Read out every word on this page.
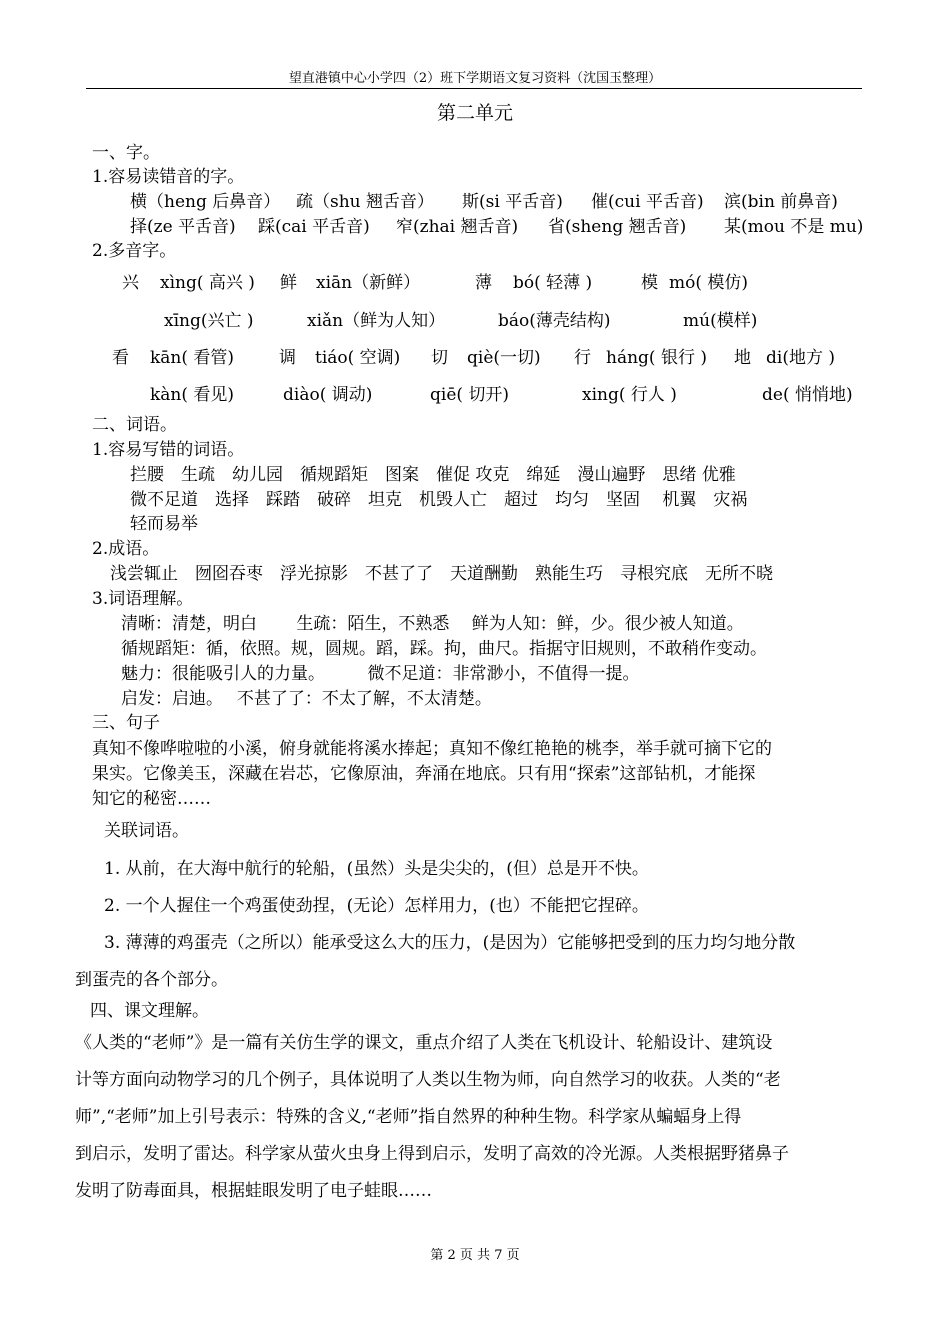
望直港镇中心小学四（2）班下学期语文复习资料（沈国玉整理）
第二单元
一、字。
1.容易读错音的字。
横（heng 后鼻音） 疏（shu 翘舌音） 斯(si 平舌音) 催(cui 平舌音) 滨(bin 前鼻音)
择(ze 平舌音) 踩(cai 平舌音) 窄(zhai 翘舌音) 省(sheng 翘舌音) 某(mou 不是 mu)
2.多音字。
兴 xìng( 高兴 ) 鲜 xiān（新鲜）	薄 bó( 轻薄 )	模 mó( 模仿)
xīng(兴亡 )	xiǎn（鲜为人知）	báo(薄壳结构)	mú(模样)
看 kān( 看管)	调 tiáo( 空调) 切 qiè(一切) 行 háng( 银行 ) 地 di(地方 )
kàn( 看见)	diào( 调动)	qiē( 切开)	xing( 行人 )	de( 悄悄地)
二、词语。
1.容易写错的词语。
拦腰　生疏　幼儿园　循规蹈矩　图案　催促 攻克　绵延　漫山遍野　思绪 优雅
微不足道　选择　踩踏　破碎　坦克　机毁人亡　超过　均匀　坚固　 机翼　灾祸
轻而易举
2.成语。
浅尝辄止　囫囵吞枣　浮光掠影　不甚了了　天道酬勤　熟能生巧　寻根究底　无所不晓
3.词语理解。
清晰：清楚，明白　　 生疏：陌生，不熟悉　 鲜为人知：鲜，少。很少被人知道。
循规蹈矩：循，依照。规，圆规。蹈，踩。拘，曲尺。指据守旧规则，不敢稍作变动。
魅力：很能吸引人的力量。　　　微不足道：非常渺小，不值得一提。
启发：启迪。　 不甚了了：不太了解，不太清楚。
三、句子
真知不像哗啦啦的小溪，俯身就能将溪水捧起；真知不像红艳艳的桃李，举手就可摘下它的
果实。它像美玉，深藏在岩芯，它像原油，奔涌在地底。只有用“探索”这部钻机，才能探
知它的秘密……
关联词语。
1. 从前，在大海中航行的轮船，(虽然）头是尖尖的，(但）总是开不快。
2. 一个人握住一个鸡蛋使劲捏，(无论）怎样用力，(也）不能把它捏碎。
3. 薄薄的鸡蛋壳（之所以）能承受这么大的压力，(是因为）它能够把受到的压力均匀地分散
到蛋壳的各个部分。
四、课文理解。
《人类的“老师”》是一篇有关仿生学的课文，重点介绍了人类在飞机设计、轮船设计、建筑设
计等方面向动物学习的几个例子，具体说明了人类以生物为师，向自然学习的收获。人类的“老
师”,“老师”加上引号表示：特殊的含义,“老师”指自然界的种种生物。科学家从蝙蝠身上得
到启示，发明了雷达。科学家从萤火虫身上得到启示，发明了高效的冷光源。人类根据野猪鼻子
发明了防毒面具，根据蛙眼发明了电子蛙眼……
第 2 页 共 7 页
